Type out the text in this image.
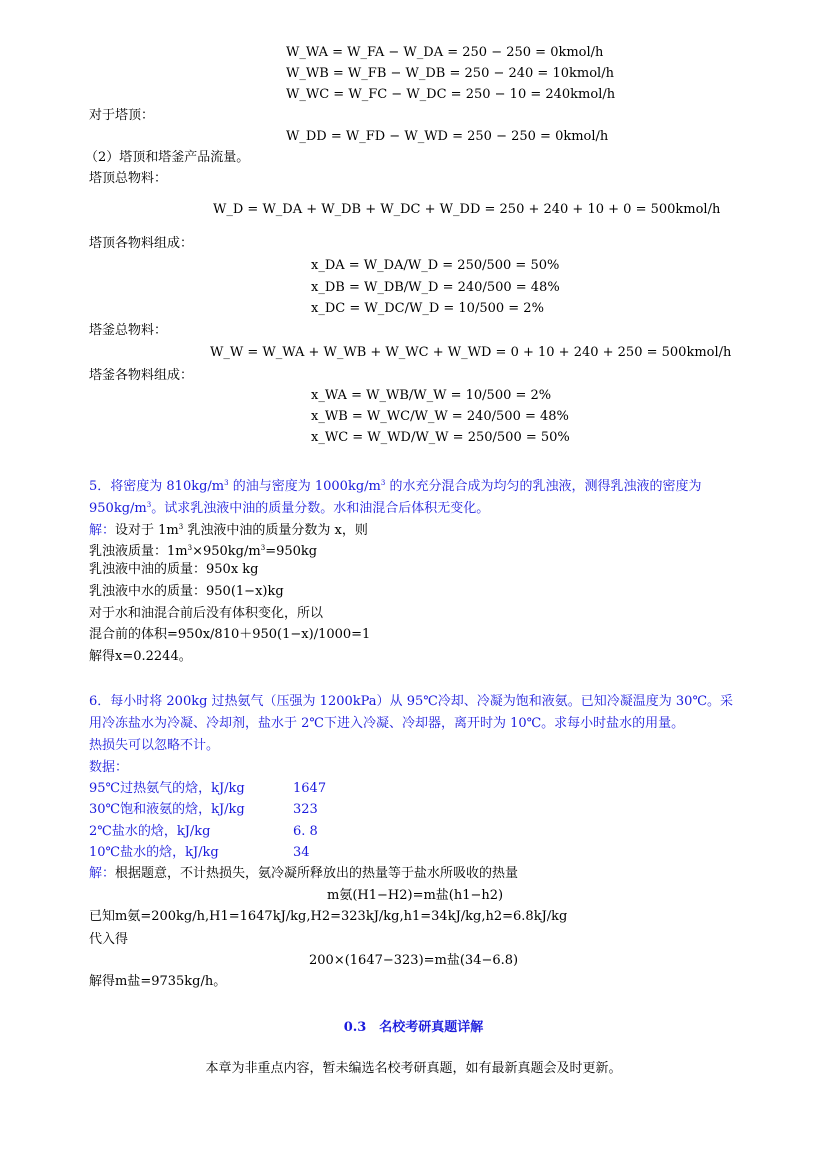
W_WA = W_FA − W_DA = 250 − 250 = 0kmol/h
W_WB = W_FB − W_DB = 250 − 240 = 10kmol/h
W_WC = W_FC − W_DC = 250 − 10 = 240kmol/h
对于塔顶：
W_DD = W_FD − W_WD = 250 − 250 = 0kmol/h
（2）塔顶和塔釜产品流量。
塔顶总物料：
W_D = W_DA + W_DB + W_DC + W_DD = 250 + 240 + 10 + 0 = 500kmol/h
塔顶各物料组成：
x_DA = W_DA/W_D = 250/500 = 50%
x_DB = W_DB/W_D = 240/500 = 48%
x_DC = W_DC/W_D = 10/500 = 2%
塔釜总物料：
W_W = W_WA + W_WB + W_WC + W_WD = 0 + 10 + 240 + 250 = 500kmol/h
塔釜各物料组成：
x_WA = W_WB/W_W = 10/500 = 2%
x_WB = W_WC/W_W = 240/500 = 48%
x_WC = W_WD/W_W = 250/500 = 50%
5．将密度为 $810kg/m^3$ 的油与密度为 $1000kg/m^3$ 的水充分混合成为均匀的乳浊液，测得乳浊液的密度为
$950kg/m^3$。试求乳浊液中油的质量分数。水和油混合后体积无变化。
解：设对于 $1m^3$ 乳浊液中油的质量分数为 x，则
乳浊液质量：$1m^3\times 950kg/m^3=950kg$
乳浊液中油的质量：950x kg
乳浊液中水的质量：950(1−x)kg
对于水和油混合前后没有体积变化，所以
混合前的体积=950x/810＋950(1−x)/1000=1
解得x=0.2244。
6．每小时将 200kg 过热氨气（压强为 1200kPa）从 95℃冷却、冷凝为饱和液氨。已知冷凝温度为 30℃。采
用冷冻盐水为冷凝、冷却剂，盐水于 2℃下进入冷凝、冷却器，离开时为 10℃。求每小时盐水的用量。
热损失可以忽略不计。
数据：
95℃过热氨气的焓，kJ/kg	1647
30℃饱和液氨的焓，kJ/kg	323
2℃盐水的焓，kJ/kg	6. 8
10℃盐水的焓，kJ/kg	34
解：根据题意，不计热损失，氨冷凝所释放出的热量等于盐水所吸收的热量
m氨(H1−H2)=m盐(h1−h2)
已知m氨=200kg/h,H1=1647kJ/kg,H2=323kJ/kg,h1=34kJ/kg,h2=6.8kJ/kg
代入得
200×(1647−323)=m盐(34−6.8)
解得m盐=9735kg/h。
0.3　名校考研真题详解
本章为非重点内容，暂未编选名校考研真题，如有最新真题会及时更新。
